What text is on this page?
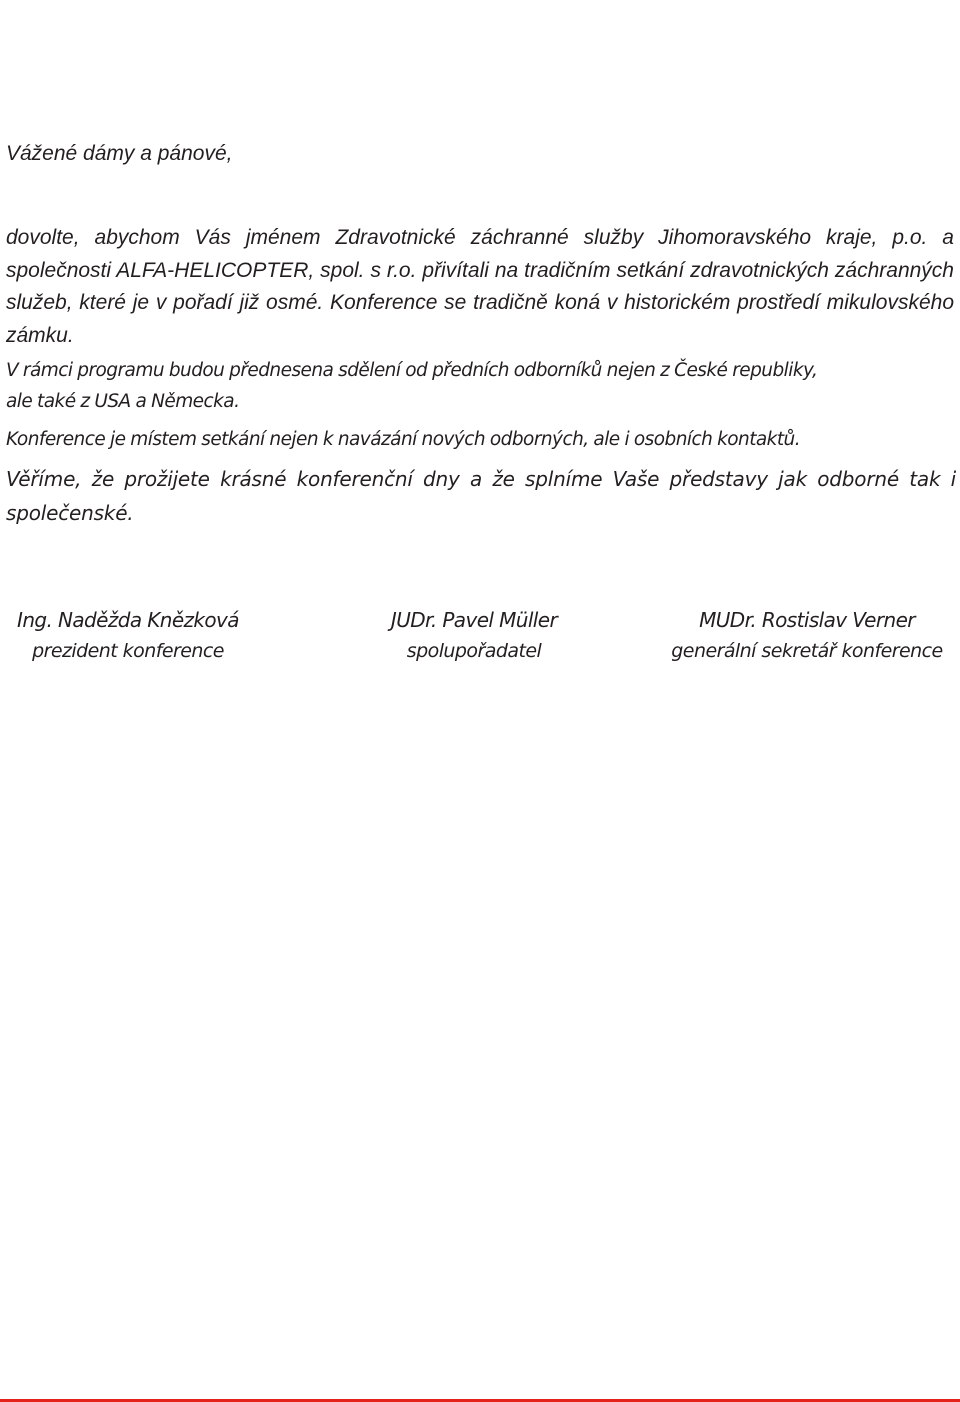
Vážené dámy a pánové,

dovolte, abychom Vás jménem Zdravotnické záchranné služby Jihomoravského kraje, p.o. a společnosti ALFA-HELICOPTER, spol. s r.o. přivítali na tradičním setkání zdravotnických záchranných služeb, které je v pořadí již osmé. Konference se tradičně koná v historickém prostředí mikulovského zámku.

V rámci programu budou přednesena sdělení od předních odborníků nejen z České republiky,
ale také z USA a Německa.

Konference je místem setkání nejen k navázání nových odborných, ale i osobních kontaktů.

Věříme, že prožijete krásné konferenční dny a že splníme Vaše představy jak odborné tak i společenské.

Ing. Naděžda Knězková
prezident konference
JUDr. Pavel Müller
spolupořadatel
MUDr. Rostislav Verner
generální sekretář konference
